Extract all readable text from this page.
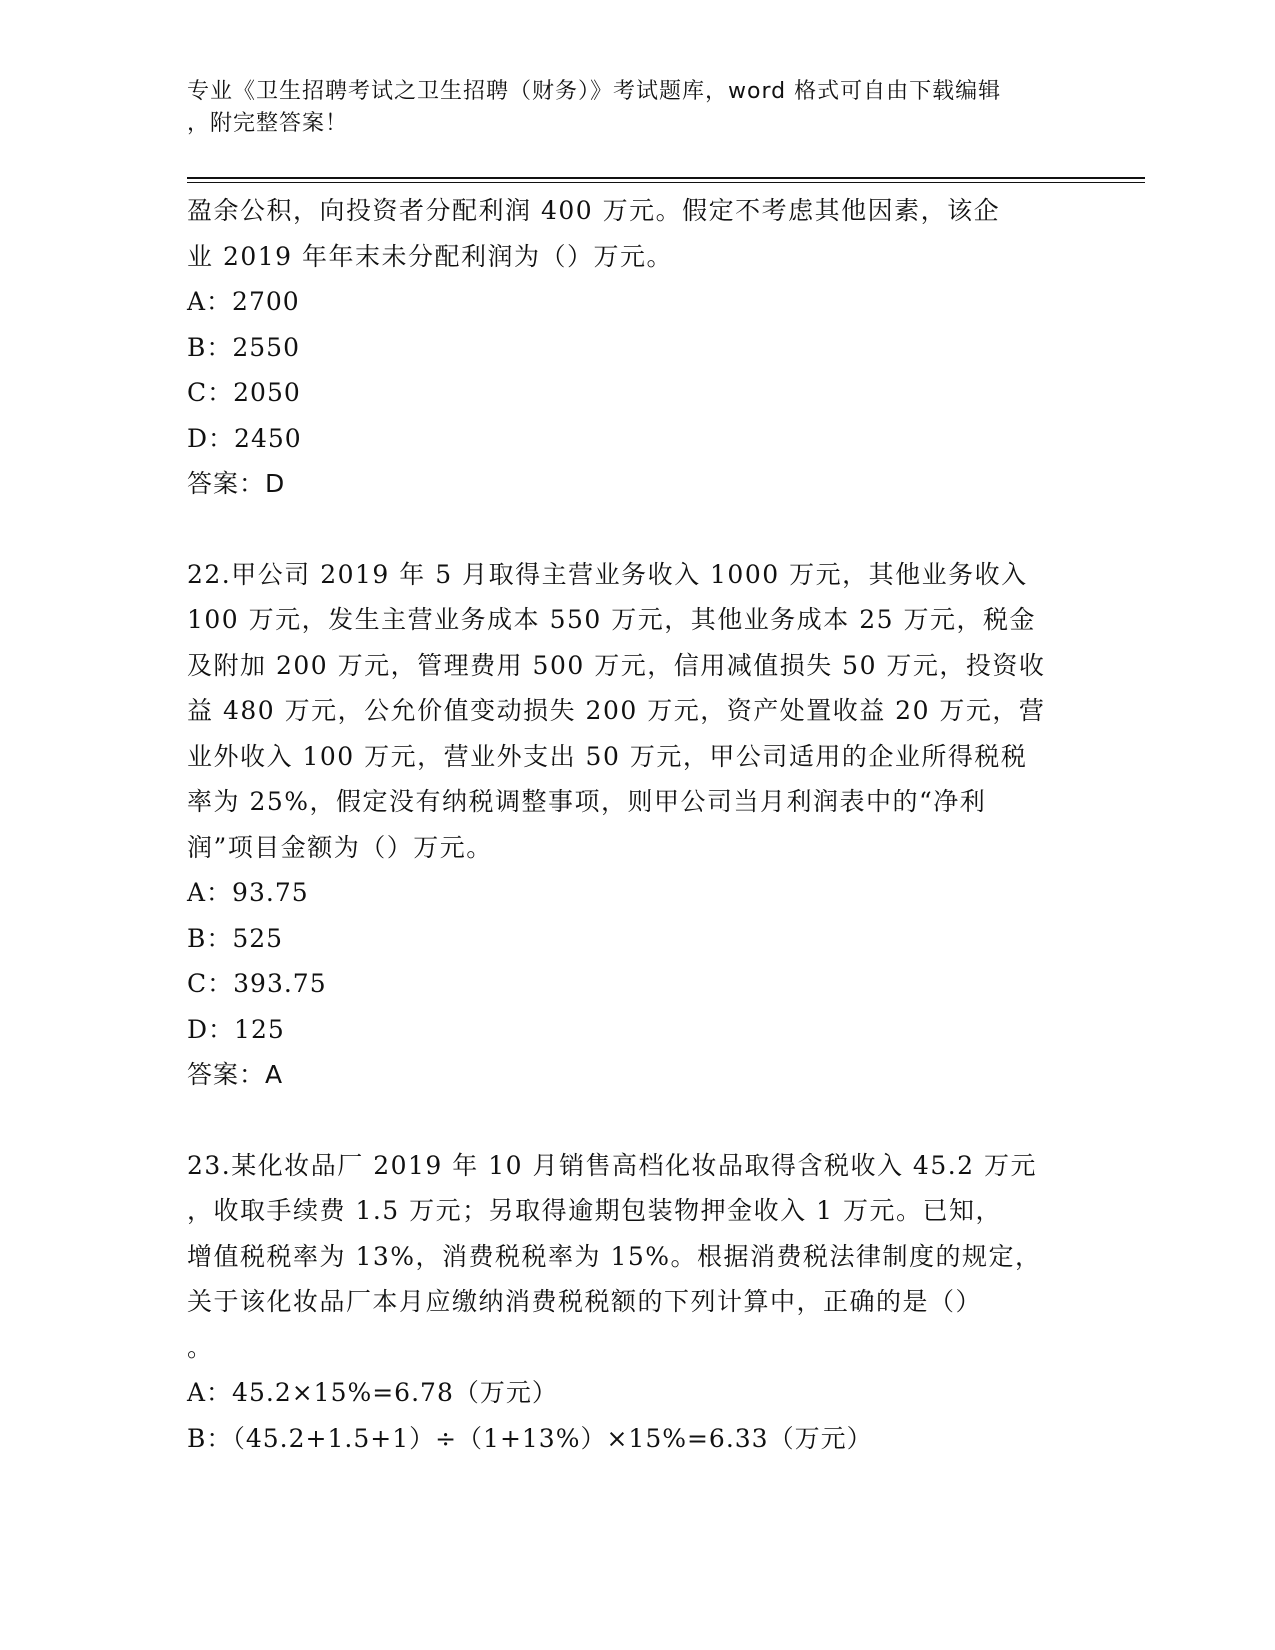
专业《卫生招聘考试之卫生招聘（财务）》考试题库，word 格式可自由下载编辑
，附完整答案！
盈余公积，向投资者分配利润 400 万元。假定不考虑其他因素，该企
业 2019 年年末未分配利润为（）万元。
A：2700
B：2550
C：2050
D：2450
答案：D
22.甲公司 2019 年 5 月取得主营业务收入 1000 万元，其他业务收入
100 万元，发生主营业务成本 550 万元，其他业务成本 25 万元，税金
及附加 200 万元，管理费用 500 万元，信用减值损失 50 万元，投资收
益 480 万元，公允价值变动损失 200 万元，资产处置收益 20 万元，营
业外收入 100 万元，营业外支出 50 万元，甲公司适用的企业所得税税
率为 25%，假定没有纳税调整事项，则甲公司当月利润表中的“净利
润”项目金额为（）万元。
A：93.75
B：525
C：393.75
D：125
答案：A
23.某化妆品厂 2019 年 10 月销售高档化妆品取得含税收入 45.2 万元
，收取手续费 1.5 万元；另取得逾期包装物押金收入 1 万元。已知，
增值税税率为 13%，消费税税率为 15%。根据消费税法律制度的规定，
关于该化妆品厂本月应缴纳消费税税额的下列计算中，正确的是（）
。
A：45.2×15%=6.78（万元）
B：（45.2+1.5+1）÷（1+13%）×15%=6.33（万元）
